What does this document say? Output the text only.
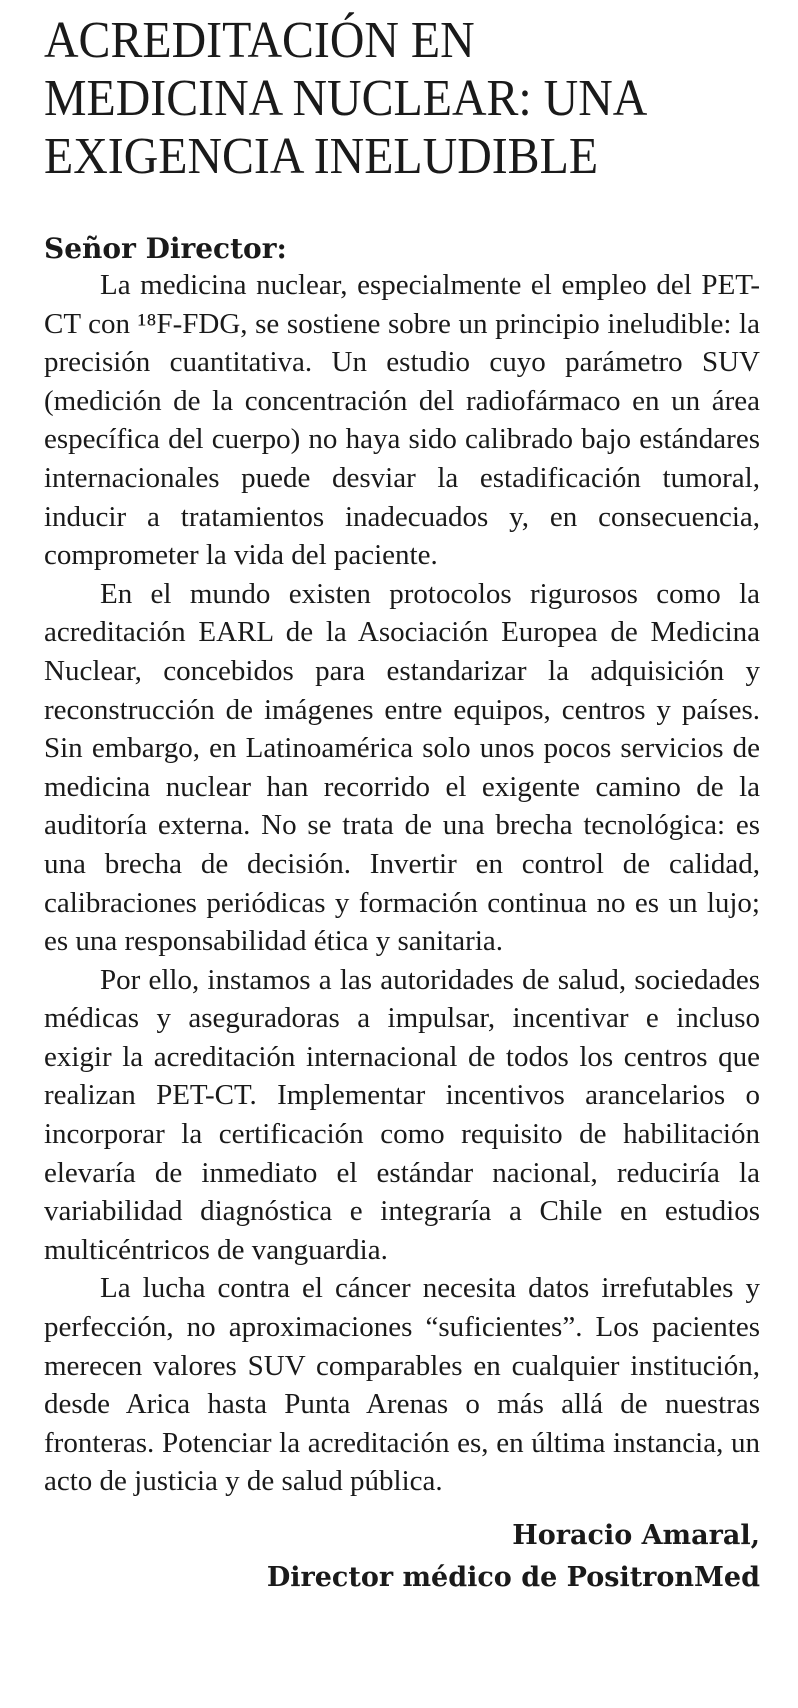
ACREDITACIÓN EN
MEDICINA NUCLEAR: UNA
EXIGENCIA INELUDIBLE
Señor Director:

La medicina nuclear, especialmente el empleo del PET-CT con ¹⁸F-FDG, se sostiene sobre un principio ineludible: la precisión cuantitativa. Un estudio cuyo parámetro SUV (medición de la concentración del radiofármaco en un área específica del cuerpo) no haya sido calibrado bajo estándares internacionales puede desviar la estadificación tumoral, inducir a tratamientos inadecuados y, en consecuencia, comprometer la vida del paciente.

En el mundo existen protocolos rigurosos como la acreditación EARL de la Asociación Europea de Medicina Nuclear, concebidos para estandarizar la adquisición y reconstrucción de imágenes entre equipos, centros y países. Sin embargo, en Latinoamérica solo unos pocos servicios de medicina nuclear han recorrido el exigente camino de la auditoría externa. No se trata de una brecha tecnológica: es una brecha de decisión. Invertir en control de calidad, calibraciones periódicas y formación continua no es un lujo; es una responsabilidad ética y sanitaria.

Por ello, instamos a las autoridades de salud, sociedades médicas y aseguradoras a impulsar, incentivar e incluso exigir la acreditación internacional de todos los centros que realizan PET-CT. Implementar incentivos arancelarios o incorporar la certificación como requisito de habilitación elevaría de inmediato el estándar nacional, reduciría la variabilidad diagnóstica e integraría a Chile en estudios multicéntricos de vanguardia.

La lucha contra el cáncer necesita datos irrefutables y perfección, no aproximaciones “suficientes”. Los pacientes merecen valores SUV comparables en cualquier institución, desde Arica hasta Punta Arenas o más allá de nuestras fronteras. Potenciar la acreditación es, en última instancia, un acto de justicia y de salud pública.

Horacio Amaral,
Director médico de PositronMed
